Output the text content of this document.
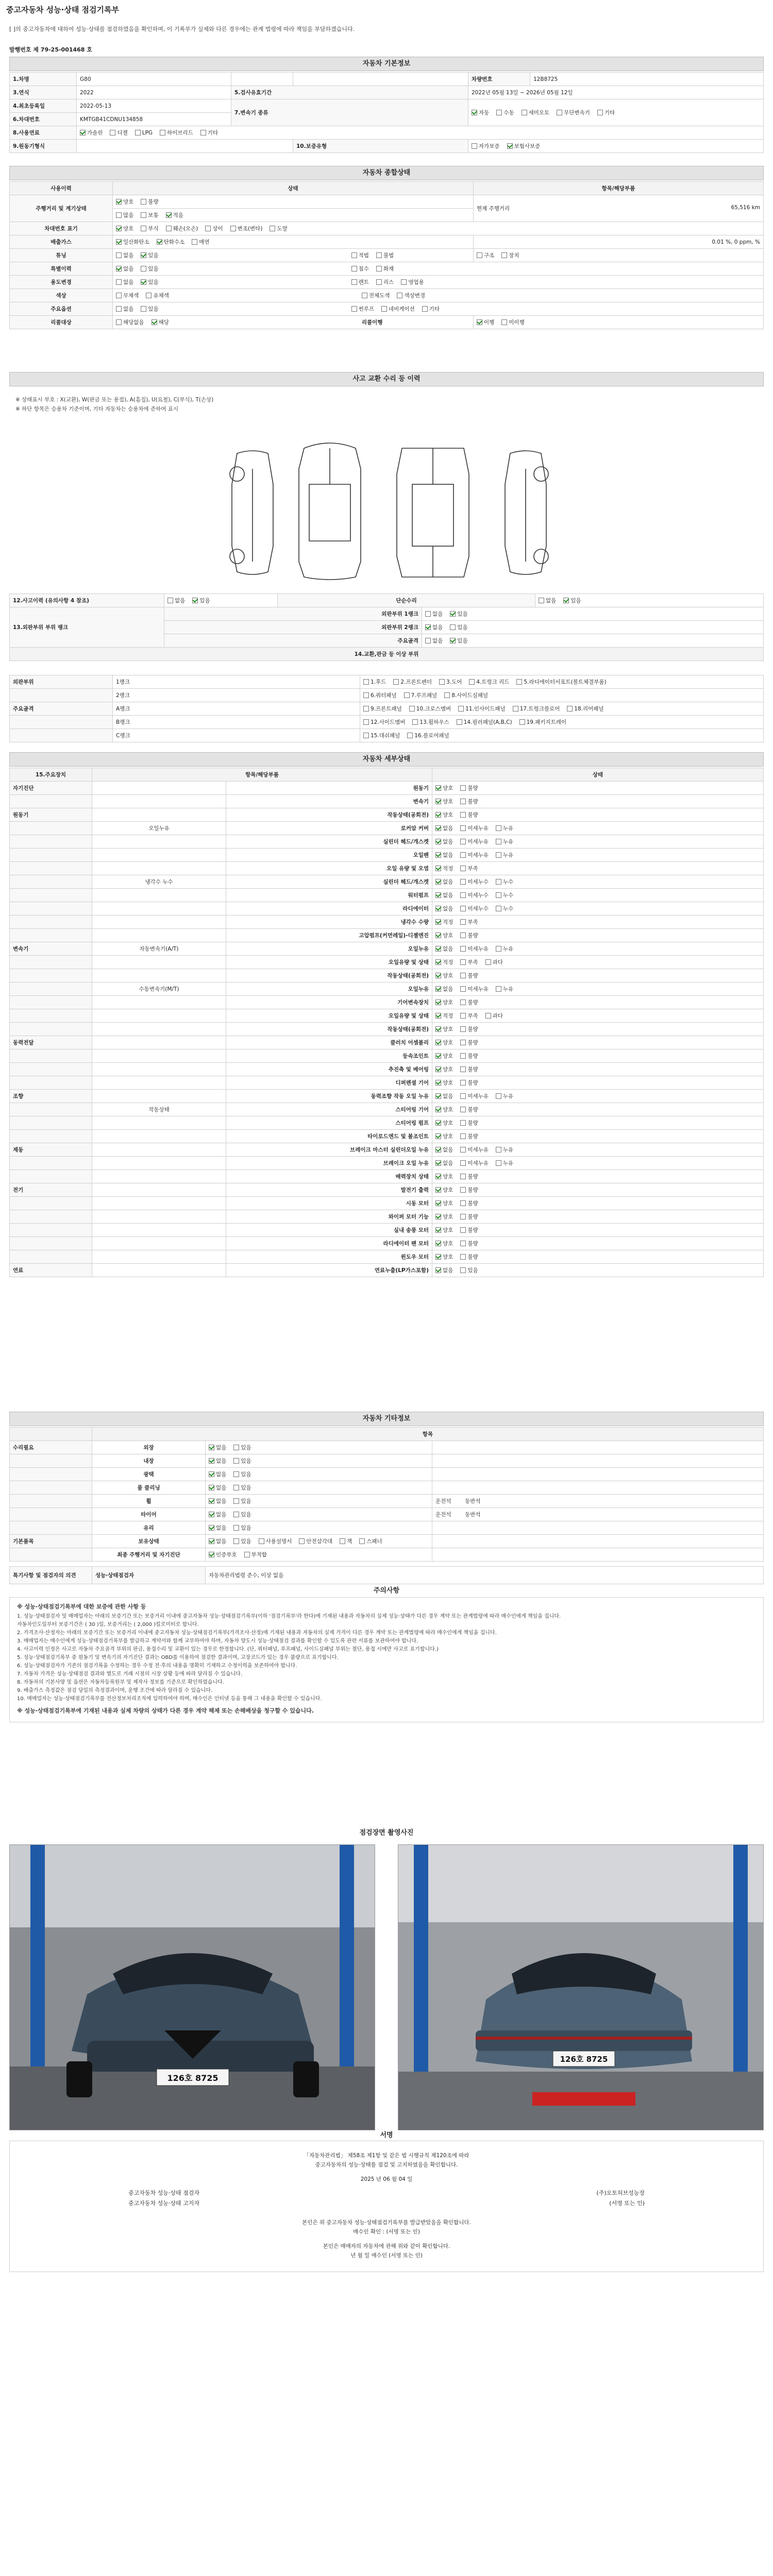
중고자동차 성능·상태 점검기록부
[ ]의 중고자동차에 대하여 성능·상태를 점검하였음을 확인하며, 이 기록부가 실제와 다른 경우에는 관계 법령에 따라 책임을 부담하겠습니다.
발행번호 제 79-25-001468 호
자동차 기본정보
1.차명	G80			차량번호	12B8725
3.연식	2022	5.검사유효기간		2022년 05월 13일 ~ 2026년 05월 12일	
4.최초등록일	2022-05-13	7.변속기 종류		자동 수동 세미오토 무단변속기 기타	
6.차대번호	KMTGB41CDNU134858				
8.사용연료	가솔린 디젤 LPG 하이브리드 기타				
9.원동기형식			10.보증유형	자가보증 보험사보증	
자동차 종합상태
사용이력	상태	항목/해당부품
주행거리 및 계기상태	양호 불량	현재 주행거리 65,516 km

	많음 보통 적음	
차대번호 표기	양호 부식 훼손(오손) 상이 변조(변타) 도말	
배출가스	일산화탄소 탄화수소 매연	0.01 %, 0 ppm, %
튜닝	없음 있음 적법 불법	구조 장치
특별이력	없음 있음 침수 화재	
용도변경	없음 있음 렌트 리스 영업용	
색상	무채색 유채색 전체도색 색상변경	
주요옵션	없음 있음 썬루프 네비게이션 기타	
리콜대상	해당없음 해당 리콜이행	이행 미이행
사고 교환 수리 등 이력
※ 상태표시 부호 : X(교환), W(판금 또는 용접), A(흠집), U(요철), C(부식), T(손상)
※ 하단 항목은 승용차 기준이며, 기타 자동차는 승용차에 준하여 표시
12.사고이력 (유의사항 4 참조)	없음 있음	단순수리		없음 있음
13.외판부위 부위 랭크	외판부위 1랭크		없음 있음	
	외판부위 2랭크		없음 있음	
	주요골격		없음 있음	
14.교환,판금 등 이상 부위				
외판부위	1랭크	1.후드 2.프론트펜더 3.도어 4.트렁크 리드 5.라디에이터서포트(볼트체결부품)
	2랭크	6.쿼터패널 7.루프패널 8.사이드실패널
주요골격	A랭크	9.프론트패널 10.크로스멤버 11.인사이드패널 17.트렁크플로어 18.리어패널
	B랭크	12.사이드멤버 13.휠하우스 14.필러패널(A,B,C) 19.패키지트레이
	C랭크	15.대쉬패널 16.플로어패널
자동차 세부상태
15.주요장치	항목/해당부품		상태
자기진단		원동기	양호 불량
		변속기	양호 불량
원동기		작동상태(공회전)	양호 불량
	오일누유	로커암 커버	없음 미세누유 누유
		실린더 헤드/개스켓	없음 미세누유 누유
		오일팬	없음 미세누유 누유
		오일 유량 및 오염	적정 부족
	냉각수 누수	실린더 헤드/개스켓	없음 미세누수 누수
		워터펌프	없음 미세누수 누수
		라디에이터	없음 미세누수 누수
		냉각수 수량	적정 부족
		고압펌프(커먼레일)-디젤엔진	양호 불량
변속기	자동변속기(A/T)	오일누유	없음 미세누유 누유
		오일유량 및 상태	적정 부족 과다
		작동상태(공회전)	양호 불량
	수동변속기(M/T)	오일누유	없음 미세누유 누유
		기어변속장치	양호 불량
		오일유량 및 상태	적정 부족 과다
		작동상태(공회전)	양호 불량
동력전달		클러치 어셈블리	양호 불량
		등속조인트	양호 불량
		추진축 및 베어링	양호 불량
		디퍼렌셜 기어	양호 불량
조향		동력조향 작동 오일 누유	없음 미세누유 누유
	작동상태	스티어링 기어	양호 불량
		스티어링 펌프	양호 불량
		타이로드엔드 및 볼조인트	양호 불량
제동		브레이크 마스터 실린더오일 누유	없음 미세누유 누유
		브레이크 오일 누유	없음 미세누유 누유
		배력장치 상태	양호 불량
전기		발전기 출력	양호 불량
		시동 모터	양호 불량
		와이퍼 모터 기능	양호 불량
		실내 송풍 모터	양호 불량
		라디에이터 팬 모터	양호 불량
		윈도우 모터	양호 불량
연료		연료누출(LP가스포함)	없음 있음
자동차 기타정보
	항목		
수리필요	외장	없음 있음	
	내장	없음 있음	
	광택	없음 있음	
	룸 클리닝	없음 있음	
	휠	없음 있음	운전석 동반석
	타이어	없음 있음	운전석 동반석
	유리	없음 있음	
기본품목	보유상태	없음 있음 사용설명서 안전삼각대 잭 스패너	
	최종 주행거리 및 자기진단	인증부호 부적합	
특기사항 및 점검자의 의견	성능·상태점검자	자동차관리법령 준수, 이상 없음
주의사항

※ 성능·상태점검기록부에 대한 보증에 관한 사항 등

1. 성능·상태점검자 및 매매업자는 아래의 보증기간 또는 보증거리 이내에 중고자동차 성능·상태점검기록부(이하 '점검기록부'라 한다)에 기재된 내용과 자동차의 실제 성능·상태가 다른 경우 계약 또는 관계법령에 따라 매수인에게 책임을 집니다.

자동차인도일부터 보증기간은 ( 30 )일, 보증거리는 ( 2,000 )킬로미터로 합니다.

2. 가격조사·산정자는 아래의 보증기간 또는 보증거리 이내에 중고자동차 성능·상태점검기록부(가격조사·산정)에 기재된 내용과 자동차의 실제 가격이 다른 경우 계약 또는 관계법령에 따라 매수인에게 책임을 집니다.

3. 매매업자는 매수인에게 성능·상태점검기록부를 발급하고 계약서와 함께 교부하여야 하며, 자동차 양도시 성능·상태점검 결과를 확인할 수 있도록 관련 서류를 보관하여야 합니다.

4. 사고이력 인정은 사고로 자동차 주요골격 부위의 판금, 용접수리 및 교환이 있는 경우로 한정합니다. (단, 쿼터패널, 루프패널, 사이드실패널 부위는 절단, 용접 시에만 사고로 표기합니다.)

5. 성능·상태점검기록부 중 원동기 및 변속기의 자기진단 결과는 OBD를 이용하여 점검한 결과이며, 고장코드가 있는 경우 불량으로 표기합니다.

6. 성능·상태점검자가 기존의 점검기록을 수정하는 경우 수정 전·후의 내용을 명확히 기재하고 수정이력을 보존하여야 합니다.

7. 자동차 가격은 성능·상태점검 결과와 별도로 거래 시점의 시장 상황 등에 따라 달라질 수 있습니다.

8. 자동차의 기본사양 및 옵션은 자동차등록원부 및 제작사 정보를 기준으로 확인하였습니다.

9. 배출가스 측정값은 점검 당일의 측정결과이며, 운행 조건에 따라 달라질 수 있습니다.

10. 매매업자는 성능·상태점검기록부를 전산정보처리조직에 입력하여야 하며, 매수인은 인터넷 등을 통해 그 내용을 확인할 수 있습니다.

※ 성능·상태점검기록부에 기재된 내용과 실제 차량의 상태가 다른 경우 계약 해제 또는 손해배상을 청구할 수 있습니다.

점검장면 촬영사진
126호 8725
126호 8725
서명
「자동차관리법」 제58조 제1항 및 같은 법 시행규칙 제120조에 따라
중고자동차의 성능·상태를 점검 및 고지하였음을 확인합니다.
2025 년 06 월 04 일
중고자동차 성능·상태 점검자	(주)오토허브성능장
중고자동차 성능·상태 고지자	(서명 또는 인)
본인은 위 중고자동차 성능·상태점검기록부를 발급받았음을 확인합니다.
매수인 확인 : (서명 또는 인)
본인은 매매자의 자동차에 관해 위와 같이 확인합니다.
년 월 일 매수인 (서명 또는 인)
